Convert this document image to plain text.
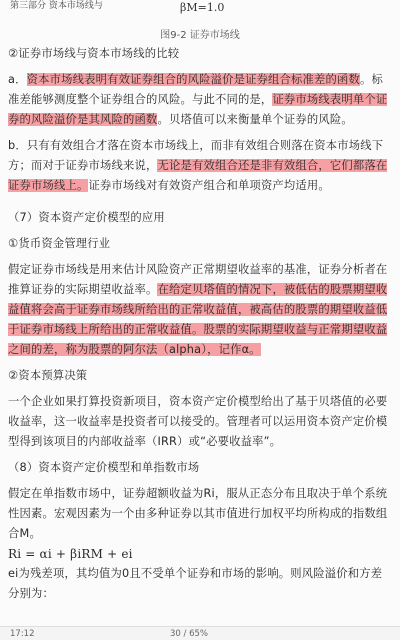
第三部分 资本市场线与	βM=1.0
图9-2 证券市场线

②证券市场线与资本市场线的比较

a．资本市场线表明有效证券组合的风险溢价是证券组合标准差的函数。标准差能够测度整个证券组合的风险。与此不同的是，证券市场线表明单个证券的风险溢价是其风险的函数。贝塔值可以来衡量单个证券的风险。

b．只有有效组合才落在资本市场线上，而非有效组合则落在资本市场线下方；而对于证券市场线来说，无论是有效组合还是非有效组合，它们都落在证券市场线上。证券市场线对有效资产组合和单项资产均适用。

（7）资本资产定价模型的应用

①货币资金管理行业

假定证券市场线是用来估计风险资产正常期望收益率的基准，证券分析者在推算证券的实际期望收益率。在给定贝塔值的情况下，被低估的股票期望收益值将会高于证券市场线所给出的正常收益值，被高估的股票的期望收益低于证券市场线上所给出的正常收益值。股票的实际期望收益与正常期望收益之间的差，称为股票的阿尔法（alpha），记作α。

②资本预算决策

一个企业如果打算投资新项目，资本资产定价模型给出了基于贝塔值的必要收益率，这一收益率是投资者可以接受的。管理者可以运用资本资产定价模型得到该项目的内部收益率（IRR）或“必要收益率”。

（8）资本资产定价模型和单指数市场

假定在单指数市场中，证券超额收益为Ri，服从正态分布且取决于单个系统性因素。宏观因素为一个由多种证券以其市值进行加权平均所构成的指数组合M。

Ri = αi + βiRM + ei

ei为残差项，其均值为0且不受单个证券和市场的影响。则风险溢价和方差分别为：

17:12	30 / 65%
